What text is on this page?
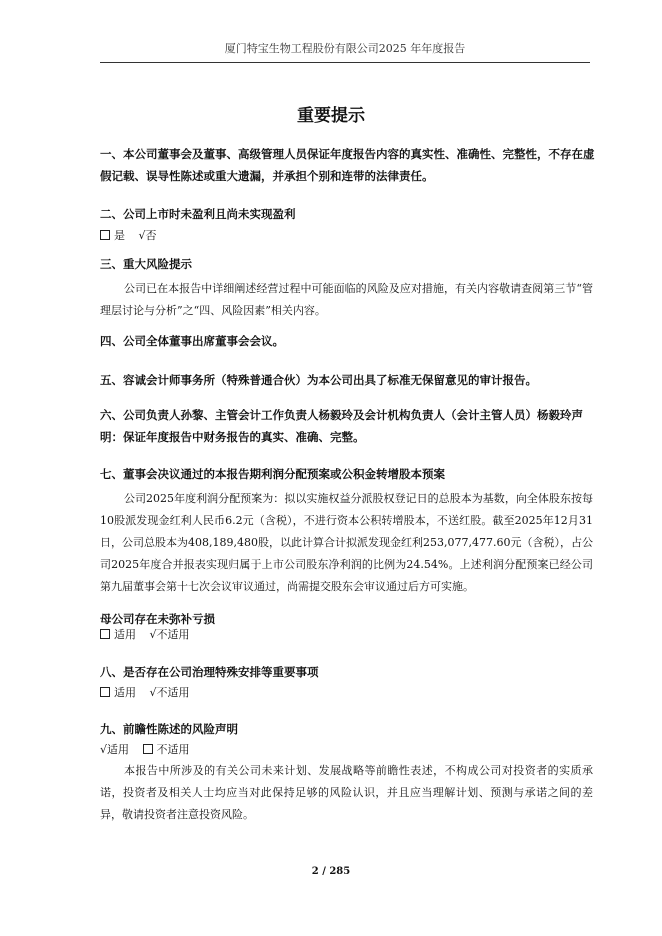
厦门特宝生物工程股份有限公司2025 年年度报告
重要提示
一、本公司董事会及董事、高级管理人员保证年度报告内容的真实性、准确性、完整性，不存在虚假记载、误导性陈述或重大遗漏，并承担个别和连带的法律责任。
二、公司上市时未盈利且尚未实现盈利
是 √否
三、重大风险提示
公司已在本报告中详细阐述经营过程中可能面临的风险及应对措施，有关内容敬请查阅第三节“管理层讨论与分析”之“四、风险因素”相关内容。
四、公司全体董事出席董事会会议。
五、容诚会计师事务所（特殊普通合伙）为本公司出具了标准无保留意见的审计报告。
六、公司负责人孙黎、主管会计工作负责人杨毅玲及会计机构负责人（会计主管人员）杨毅玲声明：保证年度报告中财务报告的真实、准确、完整。
七、董事会决议通过的本报告期利润分配预案或公积金转增股本预案
公司2025年度利润分配预案为：拟以实施权益分派股权登记日的总股本为基数，向全体股东按每10股派发现金红利人民币6.2元（含税），不进行资本公积转增股本，不送红股。截至2025年12月31日，公司总股本为408,189,480股，以此计算合计拟派发现金红利253,077,477.60元（含税），占公司2025年度合并报表实现归属于上市公司股东净利润的比例为24.54%。上述利润分配预案已经公司第九届董事会第十七次会议审议通过，尚需提交股东会审议通过后方可实施。
母公司存在未弥补亏损
适用 √不适用
八、是否存在公司治理特殊安排等重要事项
适用 √不适用
九、前瞻性陈述的风险声明
√适用	不适用
本报告中所涉及的有关公司未来计划、发展战略等前瞻性表述，不构成公司对投资者的实质承诺，投资者及相关人士均应当对此保持足够的风险认识，并且应当理解计划、预测与承诺之间的差异，敬请投资者注意投资风险。
2 / 285
